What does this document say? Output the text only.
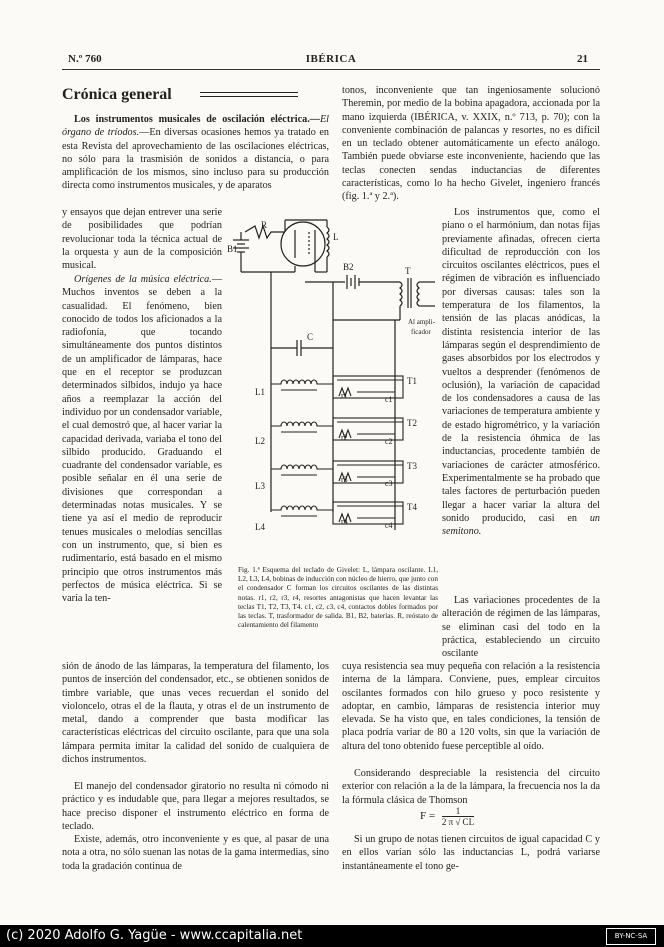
N.º 760	IBÉRICA	21
Crónica general

Los instrumentos musicales de oscilación eléctrica.—El órgano de tríodos.—En diversas ocasiones hemos ya tratado en esta Revista del aprovechamiento de las oscilaciones eléctricas, no sólo para la trasmisión de sonidos a distancia, o para amplificación de los mismos, sino incluso para su producción directa como instrumentos musicales, y de aparatos

y ensayos que dejan entrever una serie de posibilidades que podrían revolucionar toda la técnica actual de la orquesta y aun de la composición musical.

Orígenes de la música eléctrica.—Muchos inventos se deben a la casualidad. El fenómeno, bien conocido de todos los aficionados a la radiofonía, que tocando simultáneamente dos puntos distintos de un amplificador de lámparas, hace que en el receptor se produzcan determinados silbidos, indujo ya hace años a reemplazar la acción del individuo por un condensador variable, el cual demostró que, al hacer variar la capacidad derivada, variaba el tono del silbido producido. Graduando el cuadrante del condensador variable, es posible señalar en él una serie de divisiones que correspondan a determinadas notas musicales. Y se tiene ya así el medio de reproducir tenues musicales o melodías sencillas con un instrumento, que, si bien es rudimentario, está basado en el mismo principio que otros instrumentos más perfectos de música eléctrica. Si se varía la ten-

sión de ánodo de las lámparas, la temperatura del filamento, los puntos de inserción del condensador, etc., se obtienen sonidos de timbre variable, que unas veces recuerdan el sonido del violoncelo, otras el de la flauta, y otras el de un instrumento de metal, dando a comprender que basta modificar las características eléctricas del circuito oscilante, para que una sola lámpara permita imitar la calidad del sonido de cualquiera de dichos instrumentos.

El manejo del condensador giratorio no resulta ni cómodo ni práctico y es indudable que, para llegar a mejores resultados, se hace preciso disponer el instrumento eléctrico en forma de teclado.

Existe, además, otro inconveniente y es que, al pasar de una nota a otra, no sólo suenan las notas de la gama intermedias, sino toda la gradación continua de

tonos, inconveniente que tan ingeniosamente solucionó Theremin, por medio de la bobina apagadora, accionada por la mano izquierda (IBÉRICA, v. XXIX, n.º 713, p. 70); con la conveniente combinación de palancas y resortes, no es difícil en un teclado obtener automáticamente un efecto análogo. También puede obviarse este inconveniente, haciendo que las teclas conecten sendas inductancias de diferentes características, como lo ha hecho Givelet, ingeniero francés (fig. 1.ª y 2.ª).

Los instrumentos que, como el piano o el harmónium, dan notas fijas previamente afinadas, ofrecen cierta dificultad de reproducción con los circuitos oscilantes eléctricos, pues el régimen de vibración es influenciado por diversas causas: tales son la temperatura de los filamentos, la tensión de las placas anódicas, la distinta resistencia interior de las lámparas según el desprendimiento de gases absorbidos por los electrodos y vueltos a desprender (fenómenos de oclusión), la variación de capacidad de los condensadores a causa de las variaciones de temperatura ambiente y de estado higrométrico, y la variación de la resistencia óhmica de las inductancias, procedente también de variaciones de carácter atmosférico. Experimentalmente se ha probado que tales factores de perturbación pueden llegar a hacer variar la altura del sonido producido, casi en un semitono.

Las variaciones procedentes de la alteración de régimen de las lámparas, se eliminan casi del todo en la práctica, estableciendo un circuito oscilante

cuya resistencia sea muy pequeña con relación a la resistencia interna de la lámpara. Conviene, pues, emplear circuitos oscilantes formados con hilo grueso y poco resistente y adoptar, en cambio, lámparas de resistencia interior muy elevada. Se ha visto que, en tales condiciones, la tensión de placa podría variar de 80 a 120 volts, sin que la variación de altura del tono obtenido fuese perceptible al oído.

Considerando despreciable la resistencia del circuito exterior con relación a la de la lámpara, la frecuencia nos la da la fórmula clásica de Thomson

$F = \frac{1}{2 \pi √ CL}$

Si un grupo de notas tienen circuitos de igual capacidad C y en ellos varían sólo las inductancias L, podrá variarse instantáneamente el tono ge-

R
B1
L
B2	T
C
Al ampli-
ficador
L1
L2
L3
L4
T1
T2
T3
T4
r1
r2
r3
r4
c1
c2
c3
c4

Fig. 1.ª Esquema del teclado de Givelet: L, lámpara oscilante. L1, L2, L3, L4, bobinas de inducción con núcleo de hierro, que junto con el condensador C forman los circuitos oscilantes de las distintas notas. r1, r2, r3, r4, resortes antagonistas que hacen levantar las teclas T1, T2, T3, T4. c1, c2, c3, c4, contactos dobles formados por las teclas. T, trasformador de salida. B1, B2, baterías. R, reóstato de calentamiento del filamento

(c) 2020 Adolfo G. Yagüe - www.ccapitalia.net	BY-NC-SA
